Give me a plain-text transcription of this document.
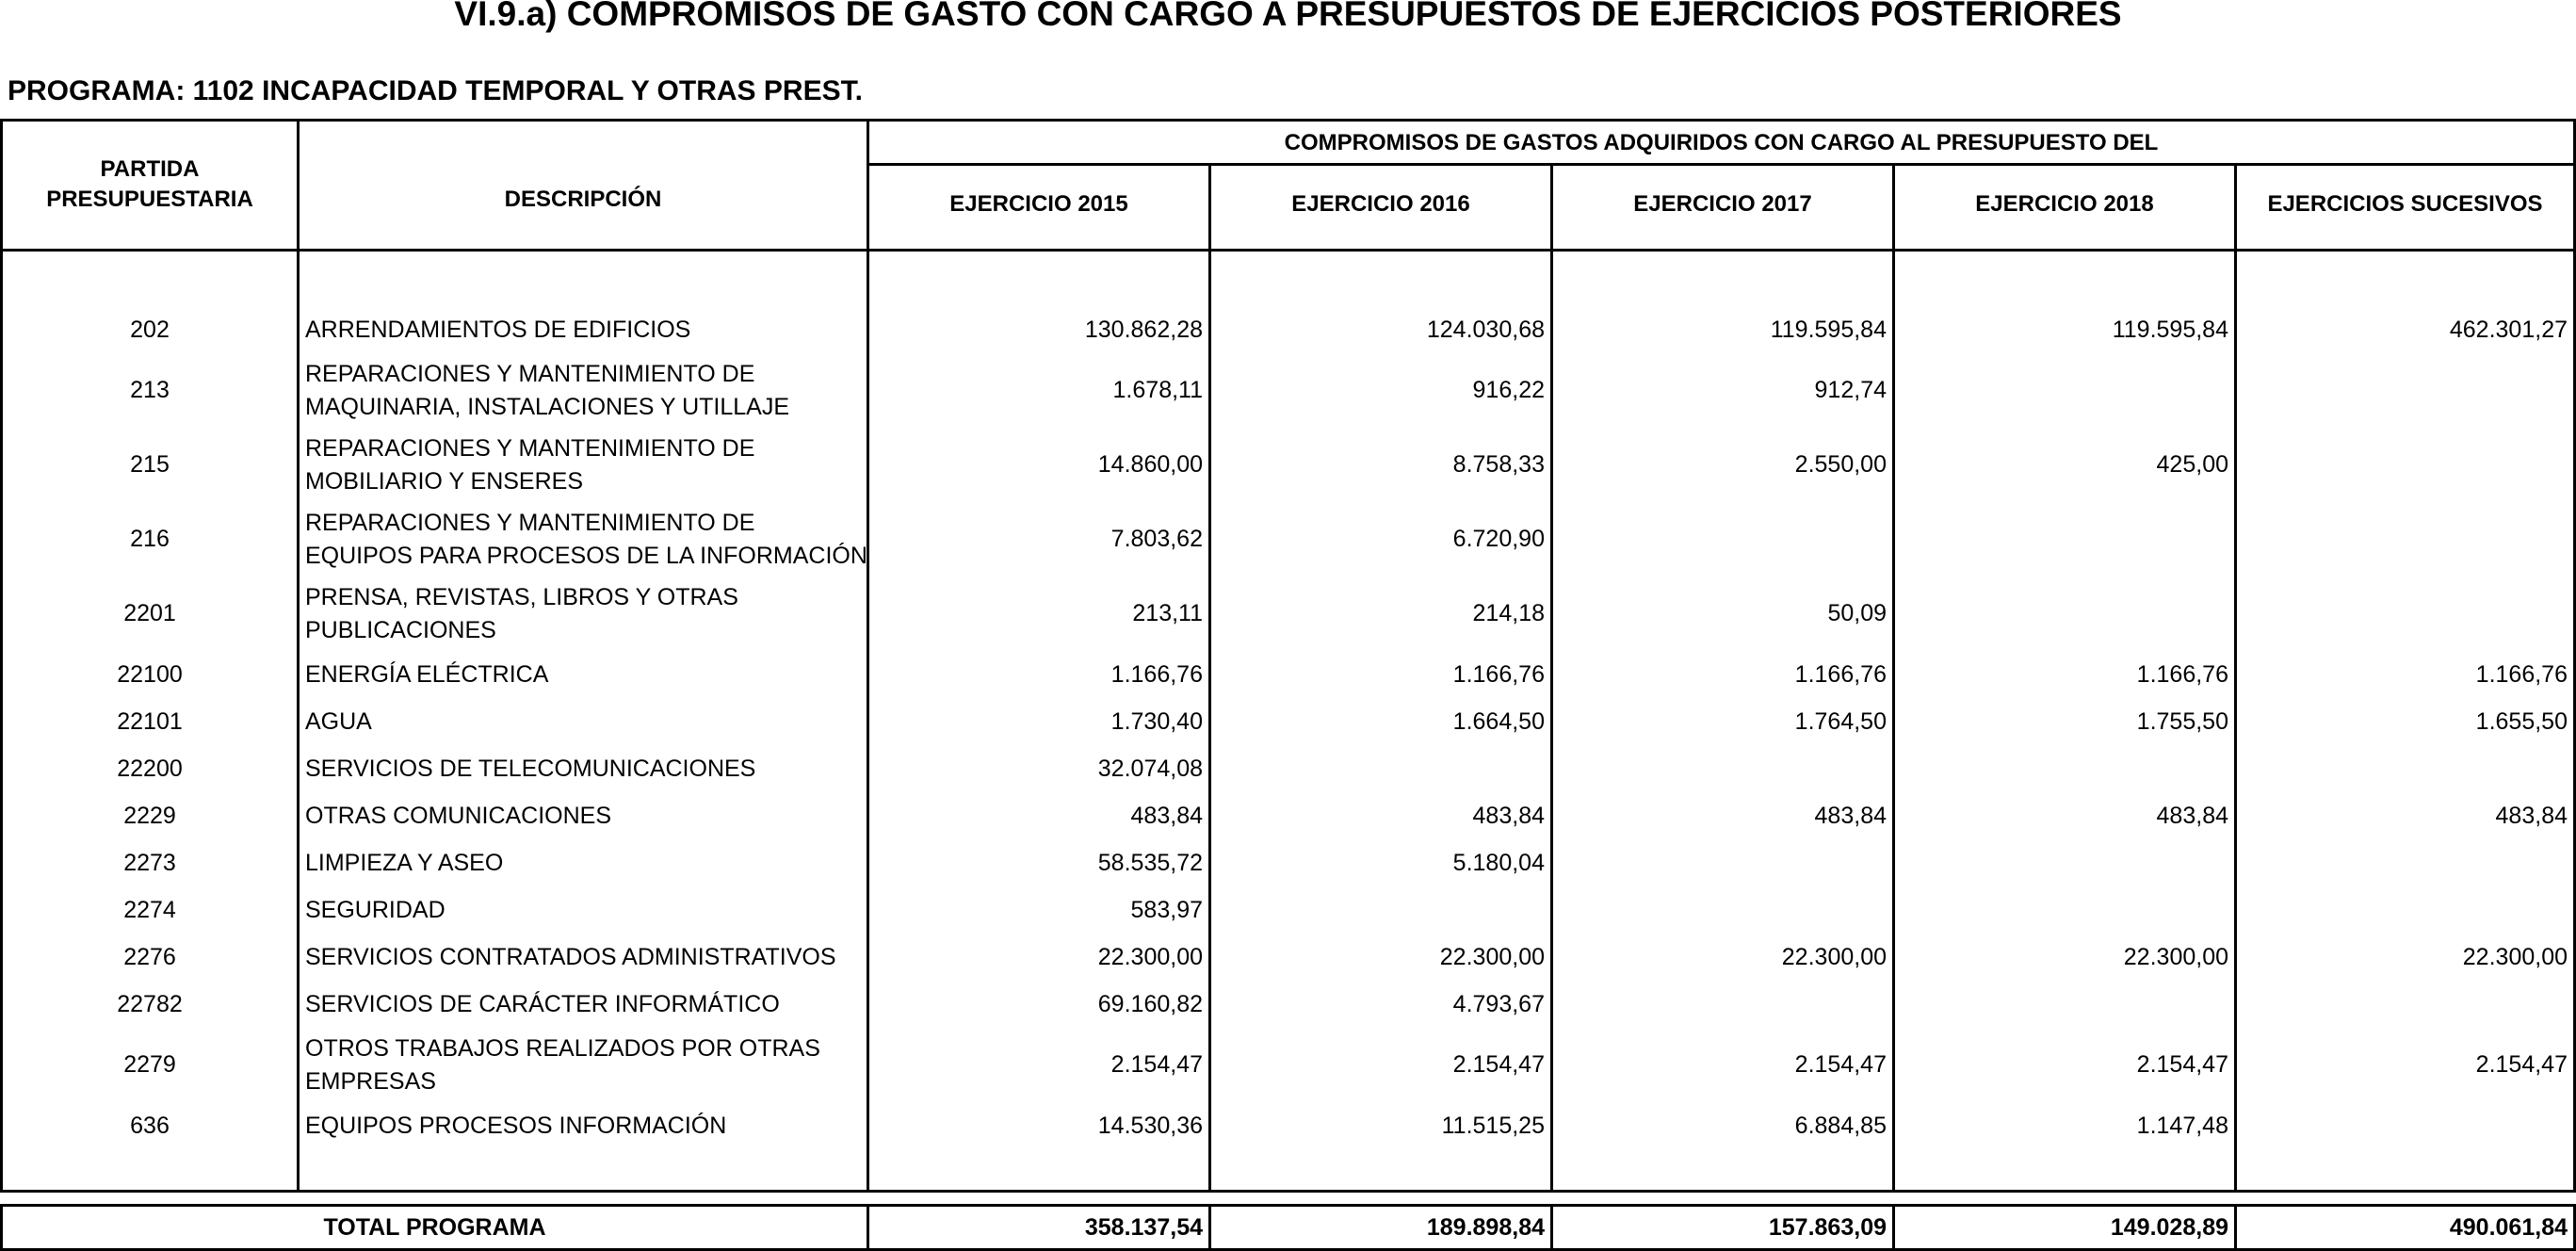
VI.9.a) COMPROMISOS DE GASTO CON CARGO A PRESUPUESTOS DE EJERCICIOS POSTERIORES
PROGRAMA: 1102 INCAPACIDAD TEMPORAL Y OTRAS PREST.
PARTIDA
PRESUPUESTARIA	DESCRIPCIÓN
COMPROMISOS DE GASTOS ADQUIRIDOS CON CARGO AL PRESUPUESTO DEL
EJERCICIO 2015	EJERCICIO 2016	EJERCICIO 2017	EJERCICIO 2018	EJERCICIOS SUCESIVOS
202	ARRENDAMIENTOS DE EDIFICIOS	130.862,28	124.030,68	119.595,84	119.595,84	462.301,27
213
REPARACIONES Y MANTENIMIENTO DE
MAQUINARIA, INSTALACIONES Y UTILLAJE
1.678,11	916,22	912,74
215
REPARACIONES Y MANTENIMIENTO DE
MOBILIARIO Y ENSERES
14.860,00	8.758,33	2.550,00	425,00
216
REPARACIONES Y MANTENIMIENTO DE
EQUIPOS PARA PROCESOS DE LA INFORMACIÓN
7.803,62	6.720,90
2201
PRENSA, REVISTAS, LIBROS Y OTRAS
PUBLICACIONES
213,11	214,18	50,09
22100	ENERGÍA ELÉCTRICA	1.166,76	1.166,76	1.166,76	1.166,76	1.166,76
22101	AGUA	1.730,40	1.664,50	1.764,50	1.755,50	1.655,50
22200	SERVICIOS DE TELECOMUNICACIONES	32.074,08
2229	OTRAS COMUNICACIONES	483,84	483,84	483,84	483,84	483,84
2273	LIMPIEZA Y ASEO	58.535,72	5.180,04
2274	SEGURIDAD	583,97
2276	SERVICIOS CONTRATADOS ADMINISTRATIVOS	22.300,00	22.300,00	22.300,00	22.300,00	22.300,00
22782	SERVICIOS DE CARÁCTER INFORMÁTICO	69.160,82	4.793,67
2279
OTROS TRABAJOS REALIZADOS POR OTRAS
EMPRESAS
2.154,47	2.154,47	2.154,47	2.154,47	2.154,47
636	EQUIPOS PROCESOS INFORMACIÓN	14.530,36	11.515,25	6.884,85	1.147,48
TOTAL PROGRAMA	358.137,54	189.898,84	157.863,09	149.028,89	490.061,84
